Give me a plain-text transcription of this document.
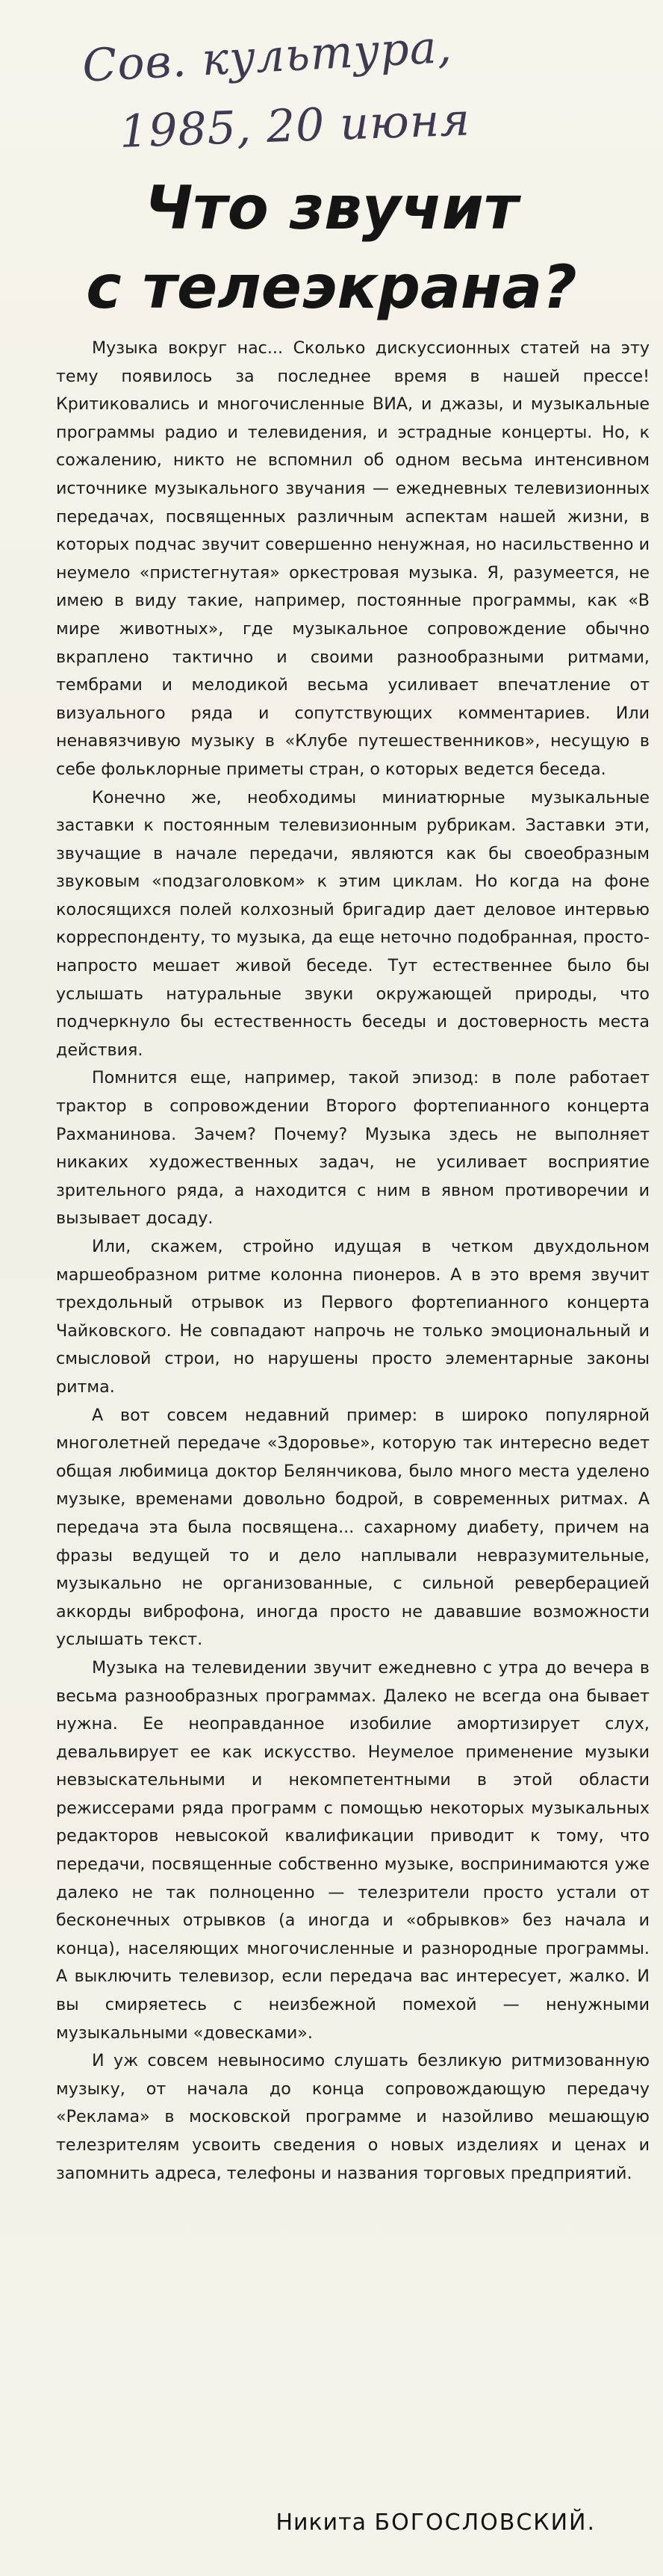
Сов. культура,
1985, 20 июня
Что звучит
с телеэкрана?

Музыка вокруг нас... Сколько дискуссионных статей на эту тему появилось за последнее время в нашей прессе! Критиковались и многочисленные ВИА, и джазы, и музыкальные программы радио и телевидения, и эстрадные концерты. Но, к сожалению, никто не вспомнил об одном весьма интенсивном источнике музыкального звучания — ежедневных телевизионных передачах, посвященных различным аспектам нашей жизни, в которых подчас звучит совершенно ненужная, но насильственно и неумело «пристегнутая» оркестровая музыка. Я, разумеется, не имею в виду такие, например, постоянные программы, как «В мире животных», где музыкальное сопровождение обычно вкраплено тактично и своими разнообразными ритмами, тембрами и мелодикой весьма усиливает впечатление от визуального ряда и сопутствующих комментариев. Или ненавязчивую музыку в «Клубе путешественников», несущую в себе фольклорные приметы стран, о которых ведется беседа.

Конечно же, необходимы миниатюрные музыкальные заставки к постоянным телевизионным рубрикам. Заставки эти, звучащие в начале передачи, являются как бы своеобразным звуковым «подзаголовком» к этим циклам. Но когда на фоне колосящихся полей колхозный бригадир дает деловое интервью корреспонденту, то музыка, да еще неточно подобранная, просто-напросто мешает живой беседе. Тут естественнее было бы услышать натуральные звуки окружающей природы, что подчеркнуло бы естественность беседы и достоверность места действия.

Помнится еще, например, такой эпизод: в поле работает трактор в сопровождении Второго фортепианного концерта Рахманинова. Зачем? Почему? Музыка здесь не выполняет никаких художественных задач, не усиливает восприятие зрительного ряда, а находится с ним в явном противоречии и вызывает досаду.

Или, скажем, стройно идущая в четком двухдольном маршеобразном ритме колонна пионеров. А в это время звучит трехдольный отрывок из Первого фортепианного концерта Чайковского. Не совпадают напрочь не только эмоциональный и смысловой строи, но нарушены просто элементарные законы ритма.

А вот совсем недавний пример: в широко популярной многолетней передаче «Здоровье», которую так интересно ведет общая любимица доктор Белянчикова, было много места уделено музыке, временами довольно бодрой, в современных ритмах. А передача эта была посвящена... сахарному диабету, причем на фразы ведущей то и дело наплывали невразумительные, музыкально не организованные, с сильной реверберацией аккорды виброфона, иногда просто не дававшие возможности услышать текст.

Музыка на телевидении звучит ежедневно с утра до вечера в весьма разнообразных программах. Далеко не всегда она бывает нужна. Ее неоправданное изобилие амортизирует слух, девальвирует ее как искусство. Неумелое применение музыки невзыскательными и некомпетентными в этой области режиссерами ряда программ с помощью некоторых музыкальных редакторов невысокой квалификации приводит к тому, что передачи, посвященные собственно музыке, воспринимаются уже далеко не так полноценно — телезрители просто устали от бесконечных отрывков (а иногда и «обрывков» без начала и конца), населяющих многочисленные и разнородные программы. А выключить телевизор, если передача вас интересует, жалко. И вы смиряетесь с неизбежной помехой — ненужными музыкальными «довесками».

И уж совсем невыносимо слушать безликую ритмизованную музыку, от начала до конца сопровождающую передачу «Реклама» в московской программе и назойливо мешающую телезрителям усвоить сведения о новых изделиях и ценах и запомнить адреса, телефоны и названия торговых предприятий.

Никита БОГОСЛОВСКИЙ.
